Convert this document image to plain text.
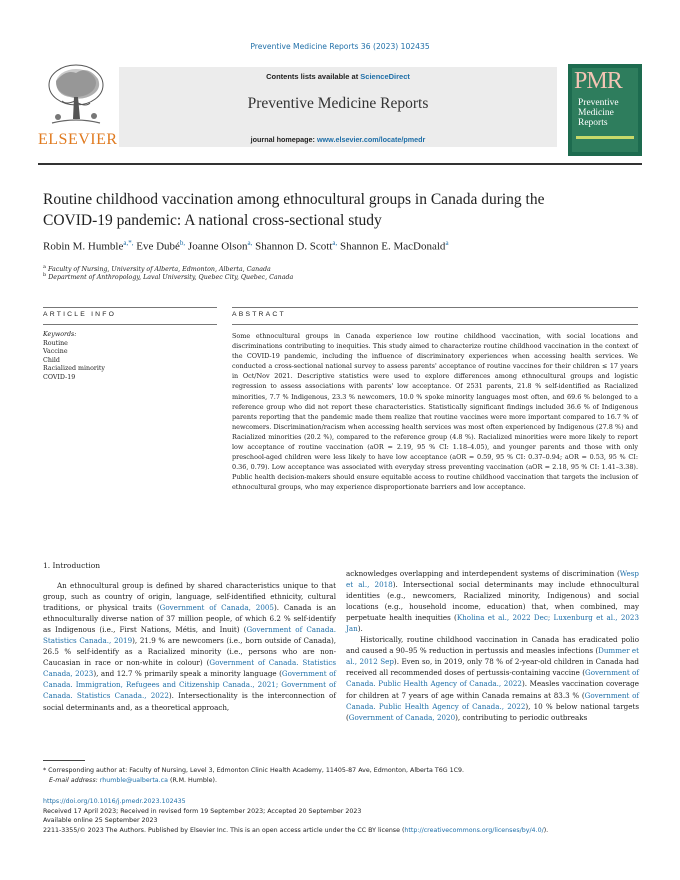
Preventive Medicine Reports 36 (2023) 102435
ELSEVIER
Contents lists available at ScienceDirect
Preventive Medicine Reports
journal homepage: www.elsevier.com/locate/pmedr
PMR
Preventive Medicine Reports
Routine childhood vaccination among ethnocultural groups in Canada during the COVID-19 pandemic: A national cross-sectional study
Robin M. Humble$^{a,*,}$ Eve Dubé$^{b,}$ Joanne Olson$^{a,}$ Shannon D. Scott$^{a,}$ Shannon E. MacDonald$^a$
$^a$ Faculty of Nursing, University of Alberta, Edmonton, Alberta, Canada
$^b$ Department of Anthropology, Laval University, Quebec City, Quebec, Canada
ARTICLE INFO	ABSTRACT
Keywords:
Routine
Vaccine
Child
Racialized minority
COVID-19
Some ethnocultural groups in Canada experience low routine childhood vaccination, with social locations and discriminations contributing to inequities. This study aimed to characterize routine childhood vaccination in the context of the COVID-19 pandemic, including the influence of discriminatory experiences when accessing health services. We conducted a cross-sectional national survey to assess parents' acceptance of routine vaccines for their children ≤ 17 years in Oct/Nov 2021. Descriptive statistics were used to explore differences among ethnocultural groups and logistic regression to assess associations with parents' low acceptance. Of 2531 parents, 21.8 % self-identified as Racialized minorities, 7.7 % Indigenous, 23.3 % newcomers, 10.0 % spoke minority languages most often, and 69.6 % belonged to a reference group who did not report these characteristics. Statistically significant findings included 36.6 % of Indigenous parents reporting that the pandemic made them realize that routine vaccines were more important compared to 16.7 % of newcomers. Discrimination/racism when accessing health services was most often experienced by Indigenous (27.8 %) and Racialized minorities (20.2 %), compared to the reference group (4.8 %). Racialized minorities were more likely to report low acceptance of routine vaccination (aOR = 2.19, 95 % CI: 1.18–4.05), and younger parents and those with only preschool-aged children were less likely to have low acceptance (aOR = 0.59, 95 % CI: 0.37–0.94; aOR = 0.53, 95 % CI: 0.36, 0.79). Low acceptance was associated with everyday stress preventing vaccination (aOR = 2.18, 95 % CI: 1.41–3.38). Public health decision-makers should ensure equitable access to routine childhood vaccination that targets the inclusion of ethnocultural groups, who may experience disproportionate barriers and low acceptance.
1. Introduction

An ethnocultural group is defined by shared characteristics unique to that group, such as country of origin, language, self-identified ethnicity, cultural traditions, or physical traits (Government of Canada, 2005). Canada is an ethnoculturally diverse nation of 37 million people, of which 6.2 % self-identify as Indigenous (i.e., First Nations, Métis, and Inuit) (Government of Canada. Statistics Canada., 2019), 21.9 % are newcomers (i.e., born outside of Canada), 26.5 % self-identify as a Racialized minority (i.e., persons who are non-Caucasian in race or non-white in colour) (Government of Canada. Statistics Canada, 2023), and 12.7 % primarily speak a minority language (Government of Canada. Immigration, Refugees and Citizenship Canada., 2021; Government of Canada. Statistics Canada., 2022). Intersectionality is the interconnection of social determinants and, as a theoretical approach,

acknowledges overlapping and interdependent systems of discrimination (Wesp et al., 2018). Intersectional social determinants may include ethnocultural identities (e.g., newcomers, Racialized minority, Indigenous) and social locations (e.g., household income, education) that, when combined, may perpetuate health inequities (Kholina et al., 2022 Dec; Luxenburg et al., 2023 Jan).

Historically, routine childhood vaccination in Canada has eradicated polio and caused a 90–95 % reduction in pertussis and measles infections (Dummer et al., 2012 Sep). Even so, in 2019, only 78 % of 2-year-old children in Canada had received all recommended doses of pertussis-containing vaccine (Government of Canada. Public Health Agency of Canada., 2022). Measles vaccination coverage for children at 7 years of age within Canada remains at 83.3 % (Government of Canada. Public Health Agency of Canada., 2022), 10 % below national targets (Government of Canada, 2020), contributing to periodic outbreaks

* Corresponding author at: Faculty of Nursing, Level 3, Edmonton Clinic Health Academy, 11405-87 Ave, Edmonton, Alberta T6G 1C9.
E-mail address: rhumble@ualberta.ca (R.M. Humble).
https://doi.org/10.1016/j.pmedr.2023.102435
Received 17 April 2023; Received in revised form 19 September 2023; Accepted 20 September 2023
Available online 25 September 2023
2211-3355/© 2023 The Authors. Published by Elsevier Inc. This is an open access article under the CC BY license (http://creativecommons.org/licenses/by/4.0/).
